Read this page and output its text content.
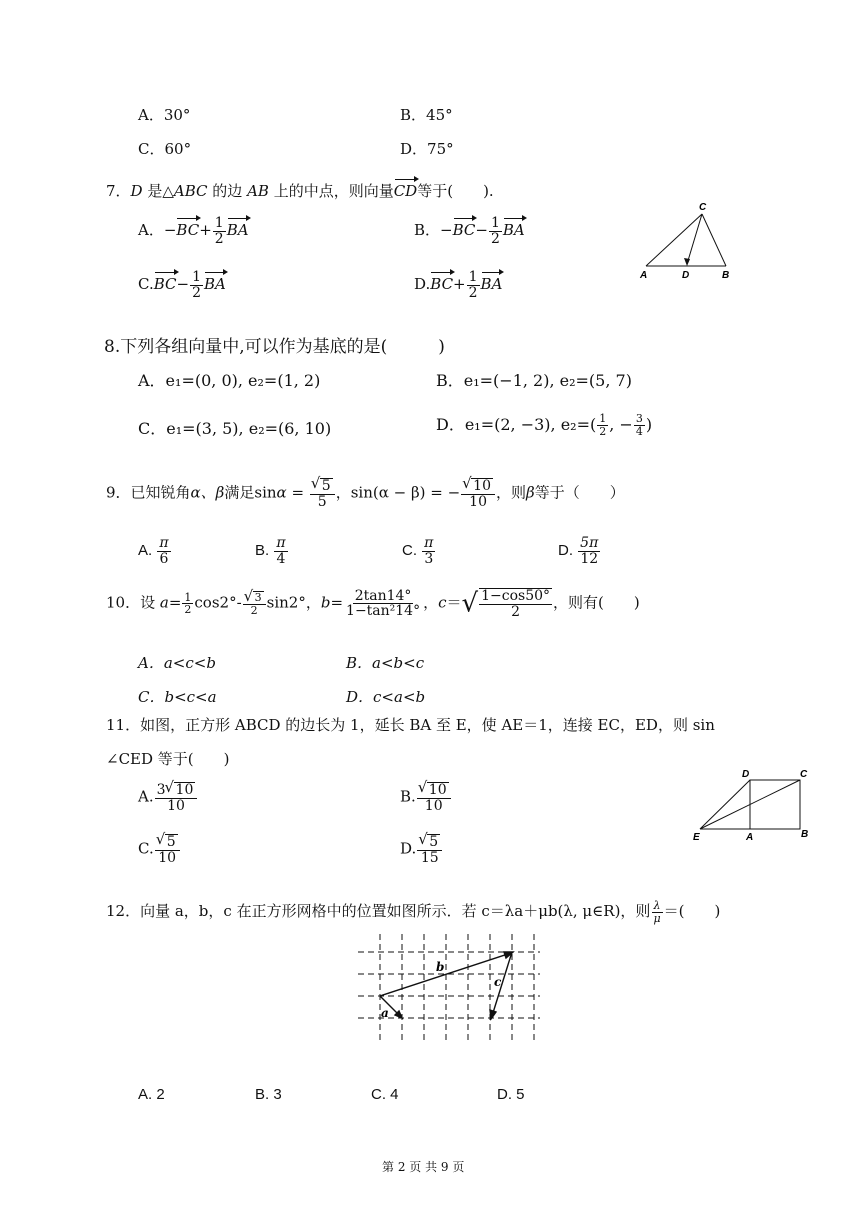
A．30°	B．45°
C．60°	D．75°
7．D 是△ABC 的边 AB 上的中点，则向量CD等于(　　).
A．$-BC+ \frac{1}{2}$ BA	B．$-BC- \frac{1}{2}$ BA
$C.BC- \frac{1}{2}$ BA	$D.BC+ \frac{1}{2}$ BA
C
A	D	B
8.下列各组向量中,可以作为基底的是(　　　)
A．e₁=(0, 0), e₂=(1, 2)	B．e₁=(−1, 2), e₂=(5, 7)
C．e₁=(3, 5), e₂=(6, 10)	D．e₁=(2, −3), $e_2=( \frac{1}{2}$ , − $\frac{3}{4}$ )
9．已知锐角α、β满足sinα = √ $\frac{5}{5}$ ，sin(α − β) = − √ $\frac{10}{10}$ ，则β等于（　　）
A. $\frac{\pi}{6}$	B. $\frac{\pi}{4}$	C. $\frac{\pi}{3}$	D. $\frac{5\pi}{12}$
10．设 $a= \frac{1}{2} \cos 2^\circ-$ √ $\frac{3}{2} \sin 2^\circ$，$b= \frac{2\tan 14^\circ}{\text{1−tan²14°}}$ ，$c=√ \frac{1-\cos 50^\circ}{2}$ ，则有(　　)
A．a<c<b	B．a<b<c
C．b<c<a	D．c<a<b
11．如图，正方形 ABCD 的边长为 1，延长 BA 至 E，使 AE＝1，连接 EC，ED，则 sin
∠CED 等于(　　)
A. $\frac{3 √ 10}{10}$	B. √ $\frac{10}{10}$
C. √ $\frac{5}{10}$	D. √ $\frac{5}{15}$
D	C
E	A	B
12．向量 a，b，c 在正方形网格中的位置如图所示．若 c＝λa＋μb(λ, μ∈R)，则 $\frac{\lambda}{\mu}$ ＝(　　)
b
a
c
A. 2	B. 3	C. 4	D. 5
第 2 页 共 9 页
